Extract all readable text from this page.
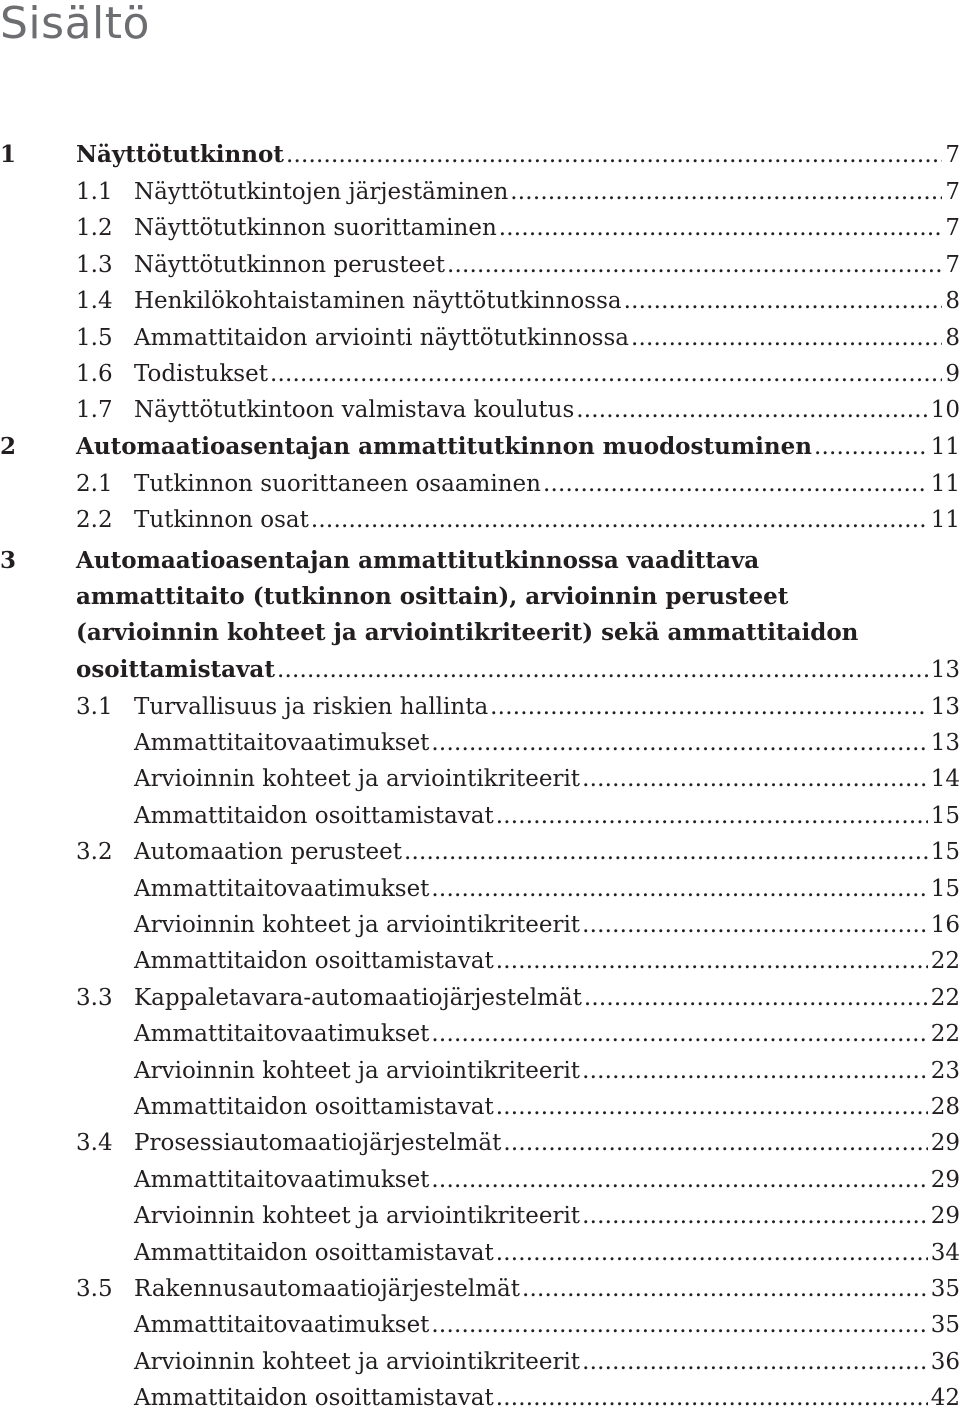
Sisältö
1	Näyttötutkinnot .....	7
1.1 Näyttötutkintojen järjestäminen .....	7
1.2 Näyttötutkinnon suorittaminen .....	7
1.3 Näyttötutkinnon perusteet .....	7
1.4 Henkilökohtaistaminen näyttötutkinnossa .....	8
1.5 Ammattitaidon arviointi näyttötutkinnossa .....	8
1.6 Todistukset .....	9
1.7 Näyttötutkintoon valmistava koulutus .....	10
2	Automaatioasentajan ammattitutkinnon muodostuminen .....	11
2.1 Tutkinnon suorittaneen osaaminen .....	11
2.2 Tutkinnon osat .....	11
3	Automaatioasentajan ammattitutkinnossa vaadittava
ammattitaito (tutkinnon osittain), arvioinnin perusteet
(arvioinnin kohteet ja arviointikriteerit) sekä ammattitaidon
osoittamistavat .....	13
3.1 Turvallisuus ja riskien hallinta .....	13
Ammattitaitovaatimukset .....	13
Arvioinnin kohteet ja arviointikriteerit .....	14
Ammattitaidon osoittamistavat .....	15
3.2 Automaation perusteet .....	15
Ammattitaitovaatimukset .....	15
Arvioinnin kohteet ja arviointikriteerit .....	16
Ammattitaidon osoittamistavat .....	22
3.3 Kappaletavara-automaatiojärjestelmät .....	22
Ammattitaitovaatimukset .....	22
Arvioinnin kohteet ja arviointikriteerit .....	23
Ammattitaidon osoittamistavat .....	28
3.4 Prosessiautomaatiojärjestelmät .....	29
Ammattitaitovaatimukset .....	29
Arvioinnin kohteet ja arviointikriteerit .....	29
Ammattitaidon osoittamistavat .....	34
3.5 Rakennusautomaatiojärjestelmät .....	35
Ammattitaitovaatimukset .....	35
Arvioinnin kohteet ja arviointikriteerit .....	36
Ammattitaidon osoittamistavat .....	42
